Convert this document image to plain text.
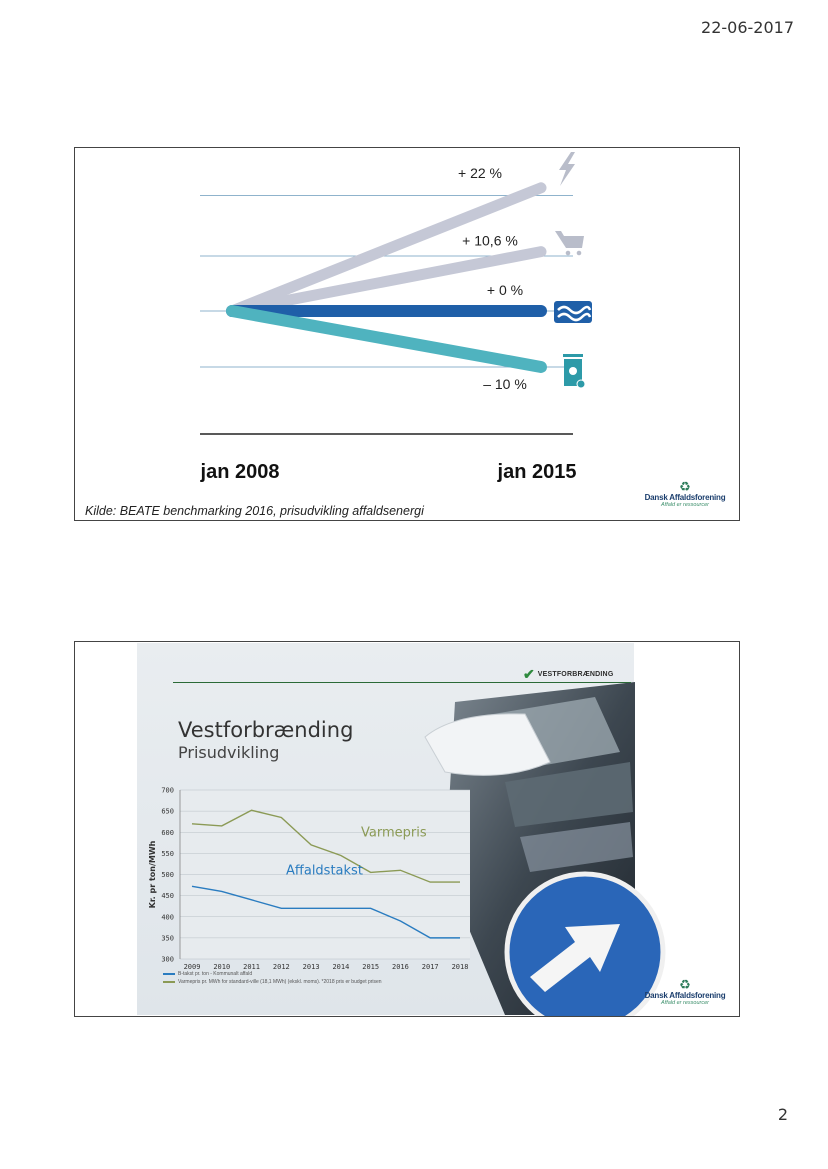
22-06-2017
jan 2008	jan 2015
+ 22 %
+ 10,6 %
+ 0 %
– 10 %
Kilde: BEATE benchmarking 2016, prisudvikling affaldsenergi
♻
Dansk Affaldsforening
Affald er ressourcer
✔ VESTFORBRÆNDING
Vestforbrænding
Prisudvikling
700
650
600
550
500
450
400
350
300
2009 2010 2011 2012 2013 2014 2015 2016 2017 2018
Kr. pr ton/MWh
Varmepris
Affaldstakst
B-takst pr. ton - Kommunalt affald
Varmepris pr. MWh for standard-ville (18,1 MWh) (ekskl. moms). *2018 pris er budget prisen	♻
Dansk Affaldsforening
Affald er ressourcer
2
